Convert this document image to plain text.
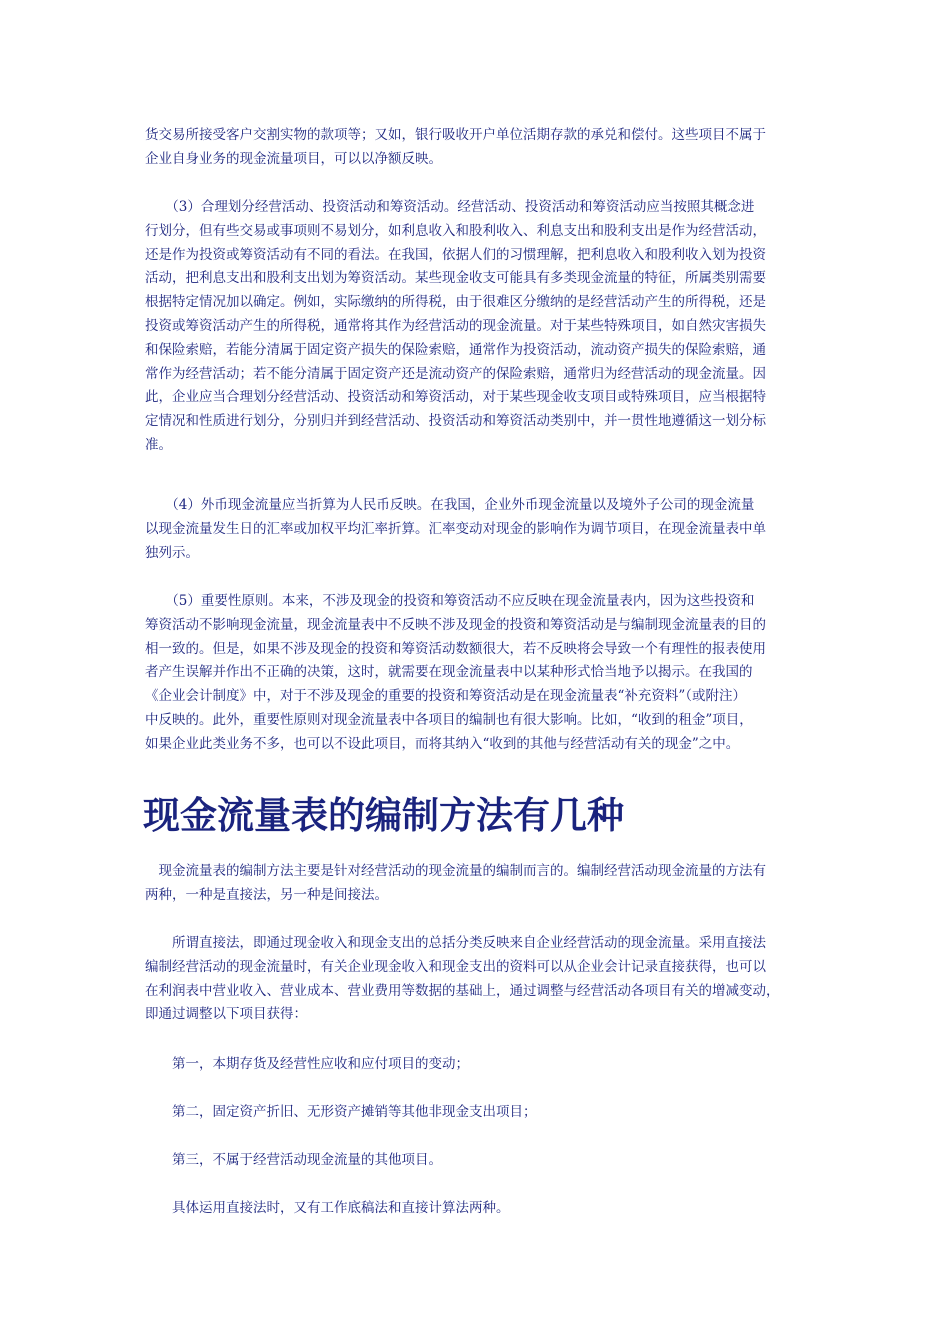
货交易所接受客户交割实物的款项等；又如，银行吸收开户单位活期存款的承兑和偿付。这些项目不属于
企业自身业务的现金流量项目，可以以净额反映。

　　（3）合理划分经营活动、投资活动和筹资活动。经营活动、投资活动和筹资活动应当按照其概念进
行划分，但有些交易或事项则不易划分，如利息收入和股利收入、利息支出和股利支出是作为经营活动，
还是作为投资或筹资活动有不同的看法。在我国，依据人们的习惯理解，把利息收入和股利收入划为投资
活动，把利息支出和股利支出划为筹资活动。某些现金收支可能具有多类现金流量的特征，所属类别需要
根据特定情况加以确定。例如，实际缴纳的所得税，由于很难区分缴纳的是经营活动产生的所得税，还是
投资或筹资活动产生的所得税，通常将其作为经营活动的现金流量。对于某些特殊项目，如自然灾害损失
和保险索赔，若能分清属于固定资产损失的保险索赔，通常作为投资活动，流动资产损失的保险索赔，通
常作为经营活动；若不能分清属于固定资产还是流动资产的保险索赔，通常归为经营活动的现金流量。因
此，企业应当合理划分经营活动、投资活动和筹资活动，对于某些现金收支项目或特殊项目，应当根据特
定情况和性质进行划分，分别归并到经营活动、投资活动和筹资活动类别中，并一贯性地遵循这一划分标
准。

　　（4）外币现金流量应当折算为人民币反映。在我国，企业外币现金流量以及境外子公司的现金流量
以现金流量发生日的汇率或加权平均汇率折算。汇率变动对现金的影响作为调节项目，在现金流量表中单
独列示。

　　（5）重要性原则。本来，不涉及现金的投资和筹资活动不应反映在现金流量表内，因为这些投资和
筹资活动不影响现金流量，现金流量表中不反映不涉及现金的投资和筹资活动是与编制现金流量表的目的
相一致的。但是，如果不涉及现金的投资和筹资活动数额很大，若不反映将会导致一个有理性的报表使用
者产生误解并作出不正确的决策，这时，就需要在现金流量表中以某种形式恰当地予以揭示。在我国的
《企业会计制度》中，对于不涉及现金的重要的投资和筹资活动是在现金流量表“补充资料”（或附注）
中反映的。此外，重要性原则对现金流量表中各项目的编制也有很大影响。比如，“收到的租金”项目，
如果企业此类业务不多，也可以不设此项目，而将其纳入“收到的其他与经营活动有关的现金”之中。

现金流量表的编制方法有几种

　现金流量表的编制方法主要是针对经营活动的现金流量的编制而言的。编制经营活动现金流量的方法有
两种，一种是直接法，另一种是间接法。

　　所谓直接法，即通过现金收入和现金支出的总括分类反映来自企业经营活动的现金流量。采用直接法
编制经营活动的现金流量时，有关企业现金收入和现金支出的资料可以从企业会计记录直接获得，也可以
在利润表中营业收入、营业成本、营业费用等数据的基础上，通过调整与经营活动各项目有关的增减变动，
即通过调整以下项目获得：

　　第一，本期存货及经营性应收和应付项目的变动；

　　第二，固定资产折旧、无形资产摊销等其他非现金支出项目；

　　第三，不属于经营活动现金流量的其他项目。

　　具体运用直接法时，又有工作底稿法和直接计算法两种。
